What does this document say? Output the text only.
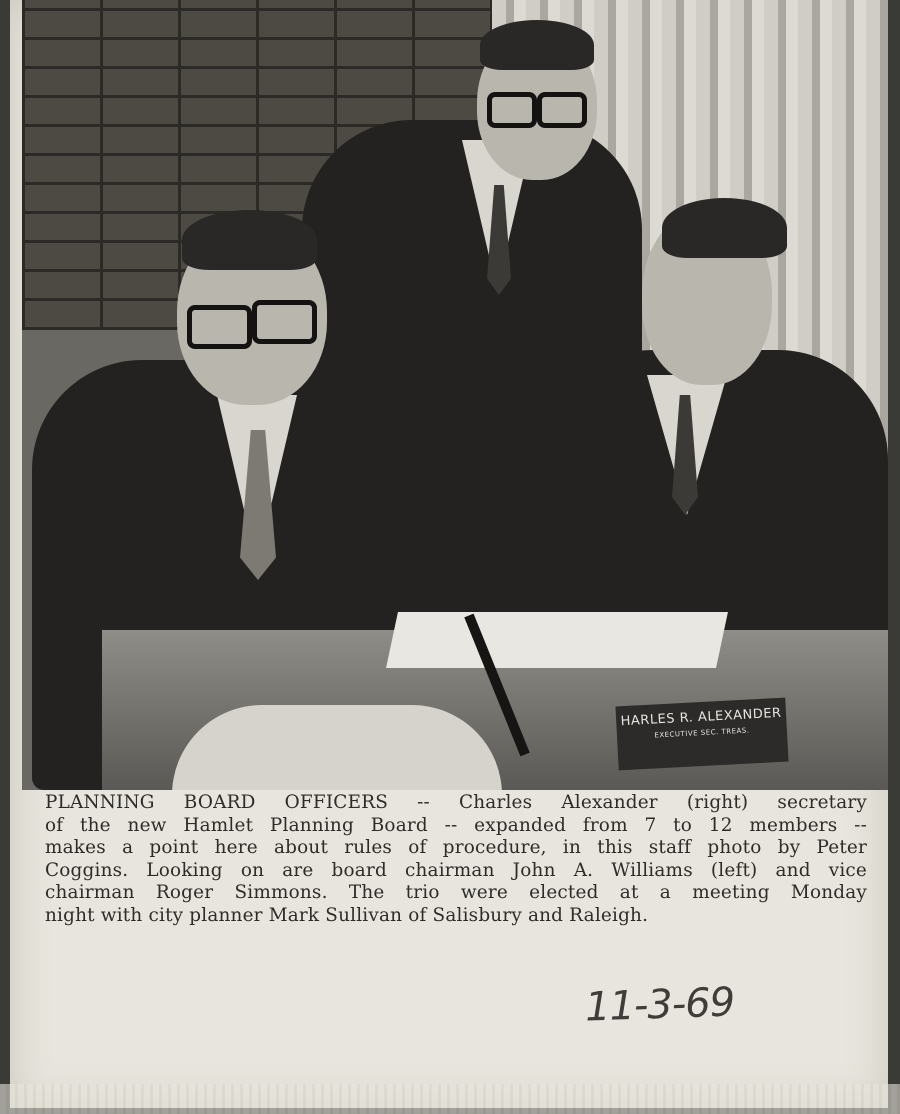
HARLES R. ALEXANDER
EXECUTIVE SEC. TREAS.

PLANNING BOARD OFFICERS -- Charles Alexander (right) secretary
of the new Hamlet Planning Board -- expanded from 7 to 12 members --
makes a point here about rules of procedure, in this staff photo by Peter
Coggins. Looking on are board chairman John A. Williams (left) and vice
chairman Roger Simmons. The trio were elected at a meeting Monday
night with city planner Mark Sullivan of Salisbury and Raleigh.

11-3-69
